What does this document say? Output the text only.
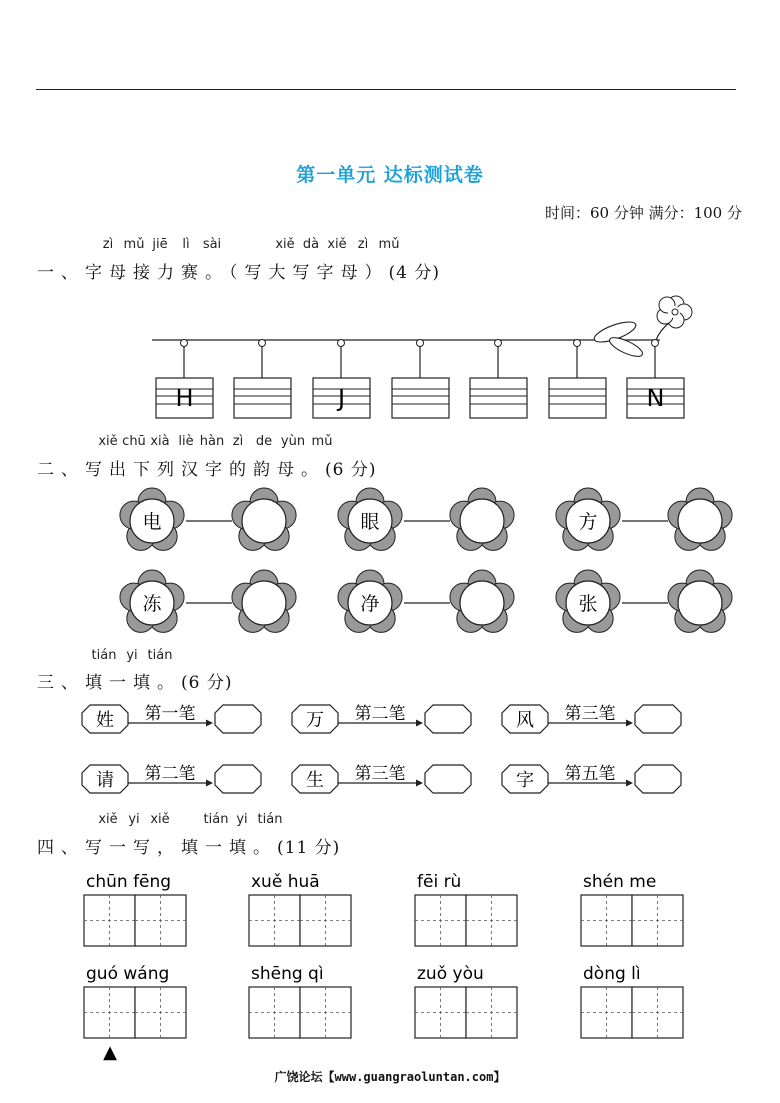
第一单元 达标测试卷
时间：60 分钟 满分：100 分
zì mǔ jiē	lì	sài	xiě dà xiě zì mǔ
一、字母接力赛。（写大写字母）(4 分)
H	J	N
xiě chū xià liè hàn zì de yùn mǔ
二、写出下列汉字的韵母。(6 分)
电	眼	方
冻	净	张
tián yi tián
三、填一填。(6 分)
姓 第一笔	万 第二笔	风 第三笔
请 第二笔	生 第三笔	字 第五笔
xiě yi xiě	tián yi tián
四、写一写，填一填。(11 分)
chūn fēng	xuě huā	fēi rù	shén me
guó wáng	shēng qì	zuǒ yòu	dòng lì
▲
广饶论坛【www.guangraoluntan.com】
